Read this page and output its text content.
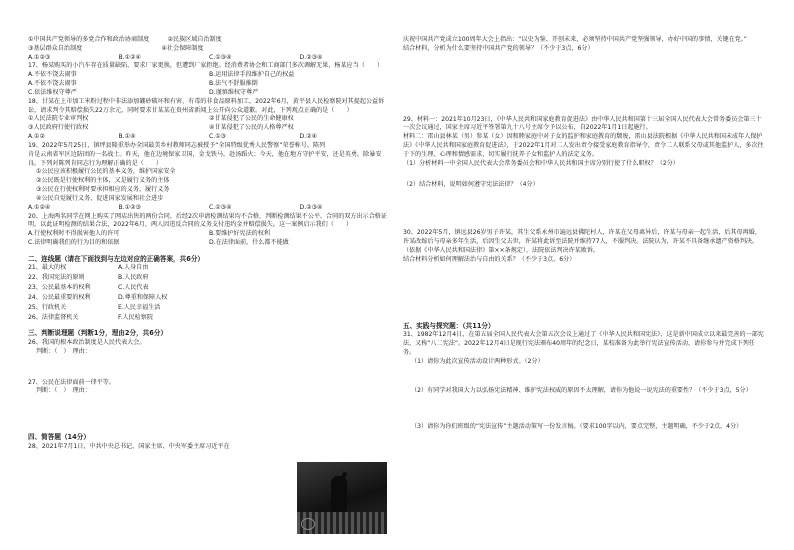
①中国共产党领导的多党合作和政治协商制度　　　②民族区域自治制度
③基层群众自治制度　　　　　　　　　　　　　④社会保障制度
A.①②③	B.①②④	C.①③④	D.②③④
17、杨某购买的小汽车存在质量缺陷，要求厂家更换，但遭到厂家拒绝。经消费者协会和工商部门多次调解无果，杨某应当（　　）
A.不依不饶去闹事	B.运用法律手段维护自己的权益
A.不依不饶去闹事	B.法气不舒服推倒
C.依法维权守尊严	D.谨慎维权守尊严
18、甘某在上市加工米粉过程中非法添加硼砂破坏和有害、有毒的非食品原料加工，2022年6月，黄平县人民检察院对其提起公益诉讼，请求判令其赔偿损失22万余元，同时要求甘某某在贵州省新闻上公开向公众道歉。对此，下列观点正确的是（　　）
①人民法院专业审判权	②甘某侵犯了公民的生命健康权
③人民政府行使行政权	④甘某侵犯了公民的人格尊严权
A.①②	B.①④	C.①③	D.②④
19、2022年5月25日，镇坪县隆重举办全国最美乡村教师同志被授予“全国特级优秀人民警察”荣誉称号。陈列
肯是云南省军区边防团的一名战士。昨天，他在边境保家卫国，金戈铁马，赴汤蹈火；今天，他在地方守护平安，还是英勇，除暴安良。下列对陈列肯同志行为理解正确的是（　　）
①公民应该积极履行公民的基本义务，维护国家安全
②公民既是行使权利的主体，又是履行义务的主体
③公民在行使权利时要承担相应的义务，履行义务
④公民自觉履行义务，促进国家发展和社会进步
A.①②④	B.①②③	C.①③④	D.②③④
20、上海两名同学在网上购买了网店出售的两份合同，后经2次申请检测结果均不合格，判断检测结果不公平。合同的双方出示合格证明，以此证明检测的结果合法，2022年6月，两人因违反合同的义务支付违约金并赔偿损失。这一案例启示我们（　　）
A.行使权利时不得损害他人的许可	B.要维护好宪法的权利
C.法律明确我们的行为目的和依据	D.在法律面前，什么都不能做
二、连线题（请在下面找到与左边对应的正确答案，共6分）
21、最大的权	A.人身自由
22、我国宪法的原则	B.人民政府
23、公民最基本的权利	C.人民代表
24、公民最重要的权利	D.尊重和保障人权
25、行政机关	E.人民幸福生活
26、法律监督机关	F.人民检察院
三、判断说理题（判断1分，理由2分，共6分）
26、我国的根本政治制度是人民代表大会。
判断：（　）　理由：
27、公民在法律面前一律平等。
判断：（　）　理由：
四、简答题（14分）
28、2021年7月1日，中共中央总书记、国家主席、中央军委主席习近平在
庆祝中国共产党成立100周年大会上指出：“以史为鉴、开创未来，必须坚持中国共产党坚强领导，办好中国的事情，关键在党。”
结合材料，分析为什么要坚持中国共产党的领导？（不少于3点，6分）
29、材料一：2021年10月23日，《中华人民共和国家庭教育促进法》由中华人民共和国第十三届全国人民代表大会常务委员会第三十一次会议通过，国家主席习近平签署第九十八号主席令予以公布，自2022年1月1日起施行。
材料二：雷山县林某（男）参某（女）因和睦家庭中对子女的监护和家庭教育的颓废，雷山县法院根据《中华人民共和国未成年人保护法》《中华人民共和国家庭教育促进法》，于2022年1月对二人发出责令接受家庭教育指导令，责令二人联系父母或其他监护人，多次往于下的生理、心理和情感需求，切实履行抚养子女和监护人的法定义务。
（1）分析材料一中全国人民代表大会常务委员会和中华人民共和国主席分别行使了什么职权？（2分）
（2）结合材料，说明如何遵守宪法法律？（4分）
30、2022年5月，镇远县26岁男子许某，其生父系永州市遍远县佛陀村人，许某在父母离异后，许某与母亲一起生活，后其母再婚，许某改嫁后与母亲多年生活，后因生父去世，许某将此诉至法院并维持77人，不服判决。法院认为，许某不具备继承遗产资格判决。（依据《中华人民共和国法律》第××条规定），法院依法判决许某败诉。
结合材料分析如何理解法治与自由的关系？（不少于3点，6分）
五、实践与探究题：（共11分）
31、1982年12月4日，在第五届全国人民代表大会第五次会议上通过了《中华人民共和国宪法》，这是新中国成立以来最完善的一部宪法，又称“八二宪法”。2022年12月4日是现行宪法颁布40周年的纪念日，某校准备为此举行宪法宣传活动，请你参与并完成下列任务。
（1）请你为此次宣传活动设计两种形式。（2分）
（2）有同学对我国大力以弘扬宪法精神、维护宪法权威的原因不太理解，请你为他说一说宪法的重要性？（不少于3点，5分）
（3）请你为你们班级的“宪法宣传”主题活动策写一份发言稿。（要求100字以内，要点完整，主题明确，不少于2点，4分）
